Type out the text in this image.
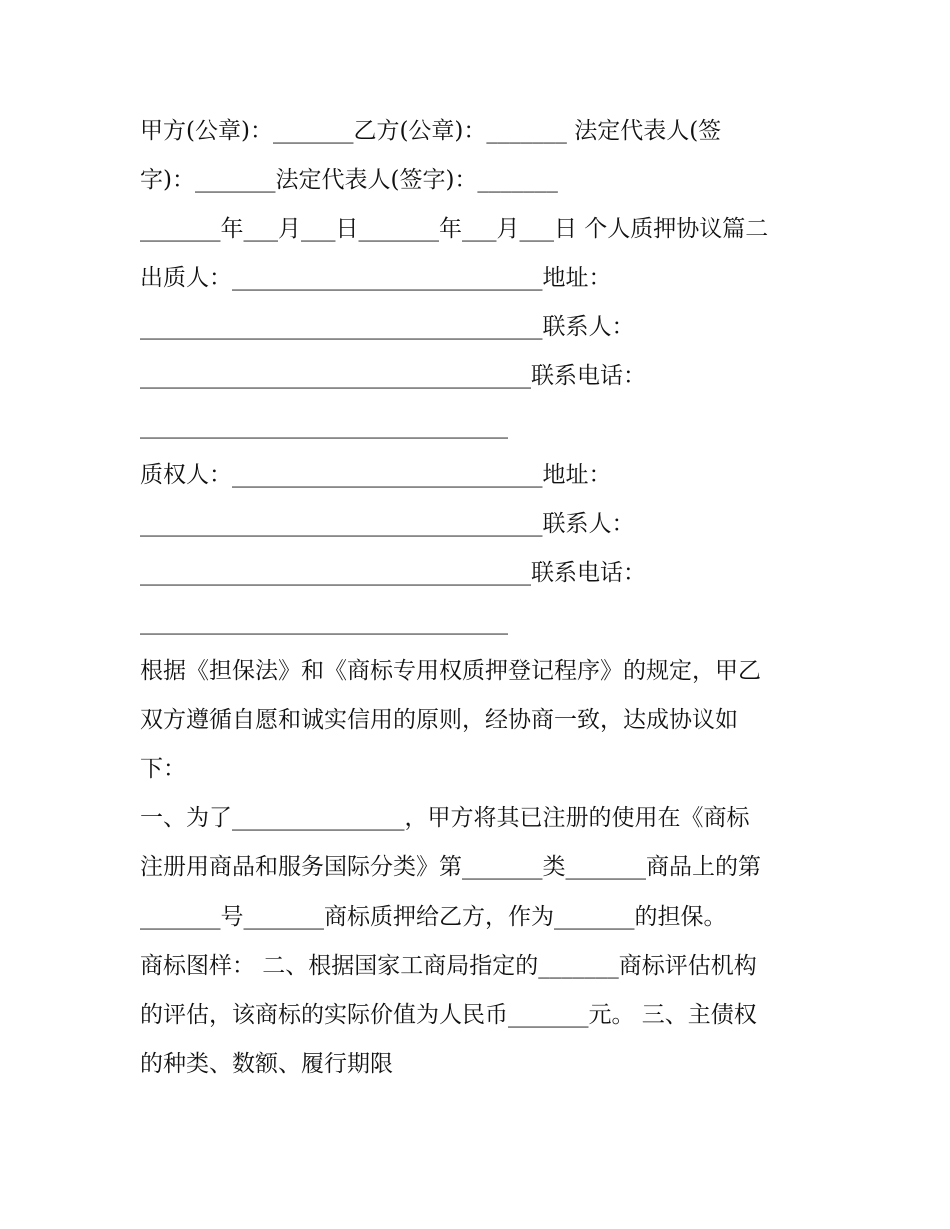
甲方(公章)：_______乙方(公章)：_______ 法定代表人(签
字)：_______法定代表人(签字)：_______
_______年___月___日_______年___月___日 个人质押协议篇二
出质人：___________________________地址：
___________________________________联系人：
__________________________________联系电话：
________________________________
质权人：___________________________地址：
___________________________________联系人：
__________________________________联系电话：
________________________________
根据《担保法》和《商标专用权质押登记程序》的规定，甲乙
双方遵循自愿和诚实信用的原则，经协商一致，达成协议如
下：
一、为了_______________，甲方将其已注册的使用在《商标
注册用商品和服务国际分类》第_______类_______商品上的第
_______号_______商标质押给乙方，作为_______的担保。
商标图样： 二、根据国家工商局指定的_______商标评估机构
的评估，该商标的实际价值为人民币_______元。 三、主债权
的种类、数额、履行期限
